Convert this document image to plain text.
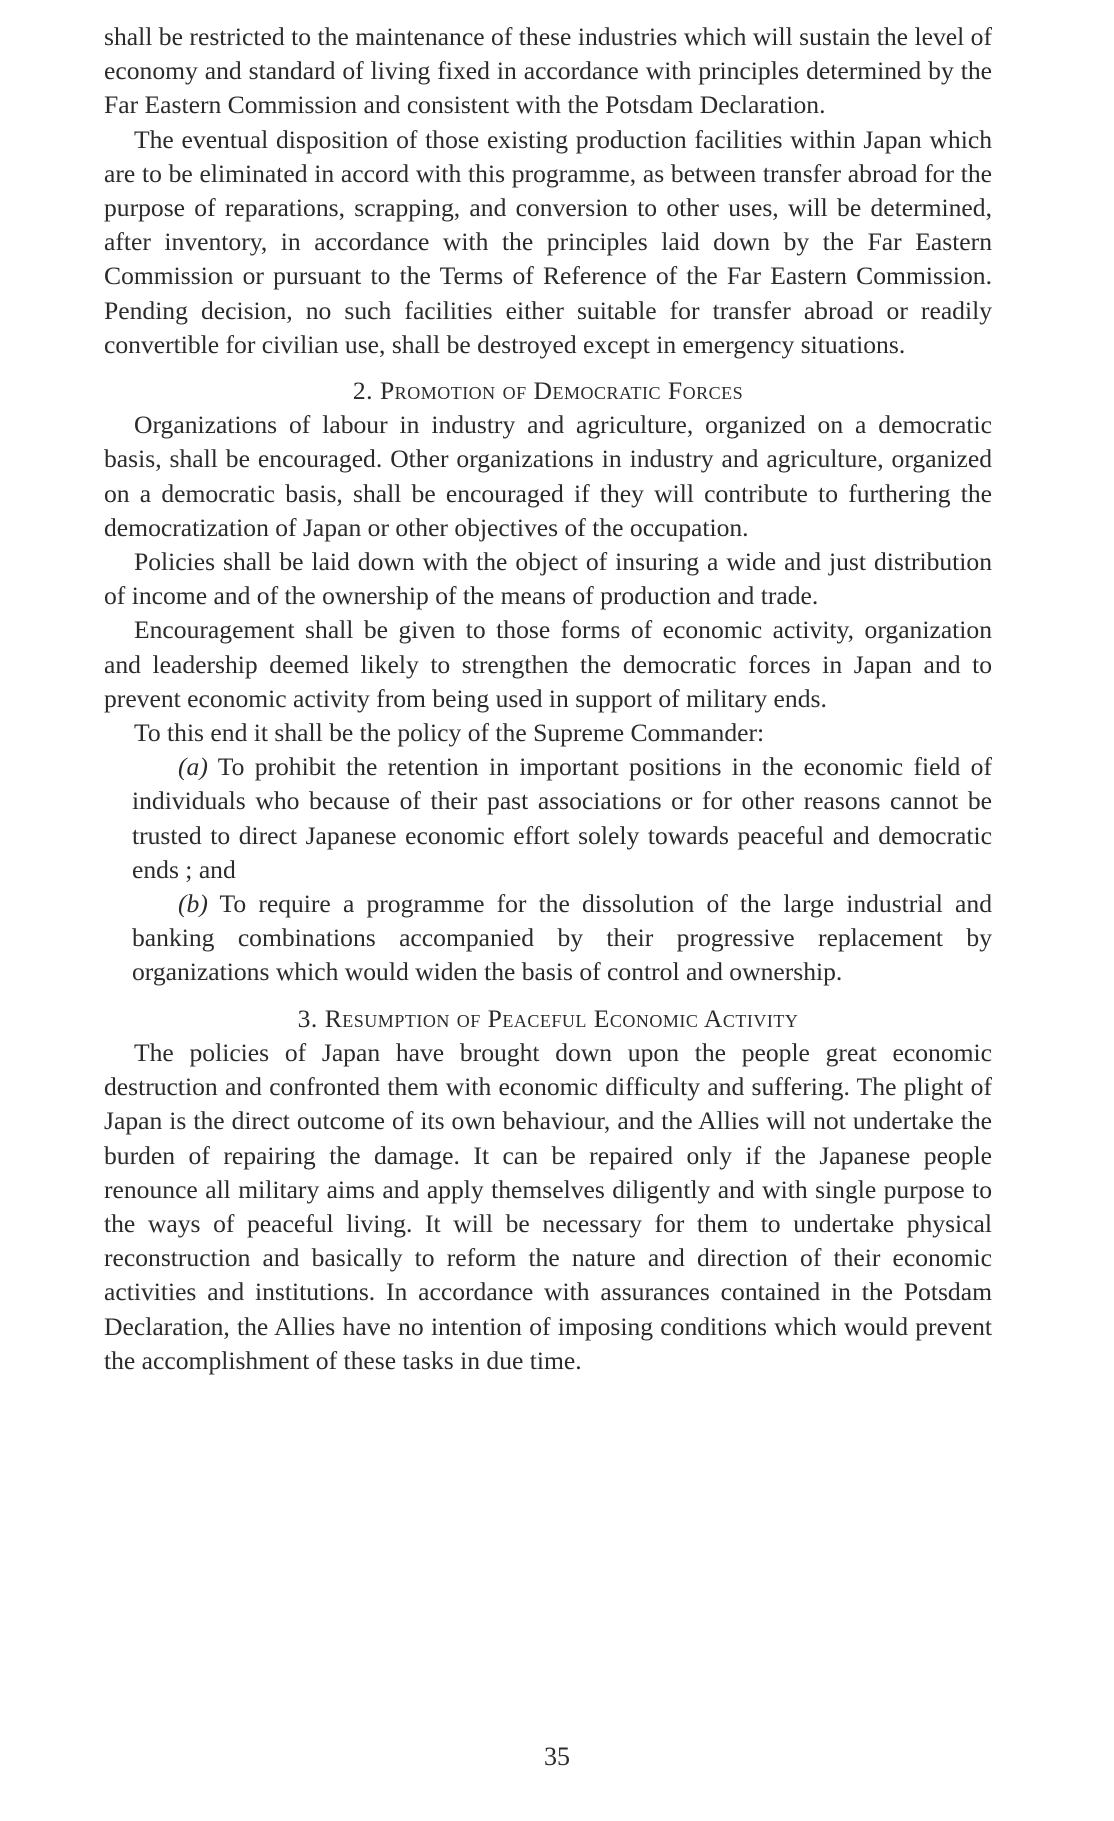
shall be restricted to the maintenance of these industries which will sustain the level of economy and standard of living fixed in accordance with principles determined by the Far Eastern Commission and consistent with the Potsdam Declaration.

The eventual disposition of those existing production facilities within Japan which are to be eliminated in accord with this programme, as between transfer abroad for the purpose of reparations, scrapping, and conversion to other uses, will be determined, after inventory, in accordance with the principles laid down by the Far Eastern Commission or pursuant to the Terms of Reference of the Far Eastern Commission. Pending decision, no such facilities either suitable for transfer abroad or readily convertible for civilian use, shall be destroyed except in emergency situations.

2. Promotion of Democratic Forces

Organizations of labour in industry and agriculture, organized on a democratic basis, shall be encouraged. Other organizations in industry and agriculture, organized on a democratic basis, shall be encouraged if they will contribute to furthering the democratization of Japan or other objectives of the occupation.

Policies shall be laid down with the object of insuring a wide and just distribution of income and of the ownership of the means of production and trade.

Encouragement shall be given to those forms of economic activity, organization and leadership deemed likely to strengthen the democratic forces in Japan and to prevent economic activity from being used in support of military ends.

To this end it shall be the policy of the Supreme Commander:

(a) To prohibit the retention in important positions in the economic field of individuals who because of their past associations or for other reasons cannot be trusted to direct Japanese economic effort solely towards peaceful and democratic ends ; and

(b) To require a programme for the dissolution of the large industrial and banking combinations accompanied by their progressive replacement by organizations which would widen the basis of control and ownership.

3. Resumption of Peaceful Economic Activity

The policies of Japan have brought down upon the people great economic destruction and confronted them with economic difficulty and suffering. The plight of Japan is the direct outcome of its own behaviour, and the Allies will not undertake the burden of repairing the damage. It can be repaired only if the Japanese people renounce all military aims and apply themselves diligently and with single purpose to the ways of peaceful living. It will be necessary for them to undertake physical reconstruction and basically to reform the nature and direction of their economic activities and institutions. In accordance with assurances contained in the Potsdam Declaration, the Allies have no intention of imposing conditions which would prevent the accomplishment of these tasks in due time.

35
